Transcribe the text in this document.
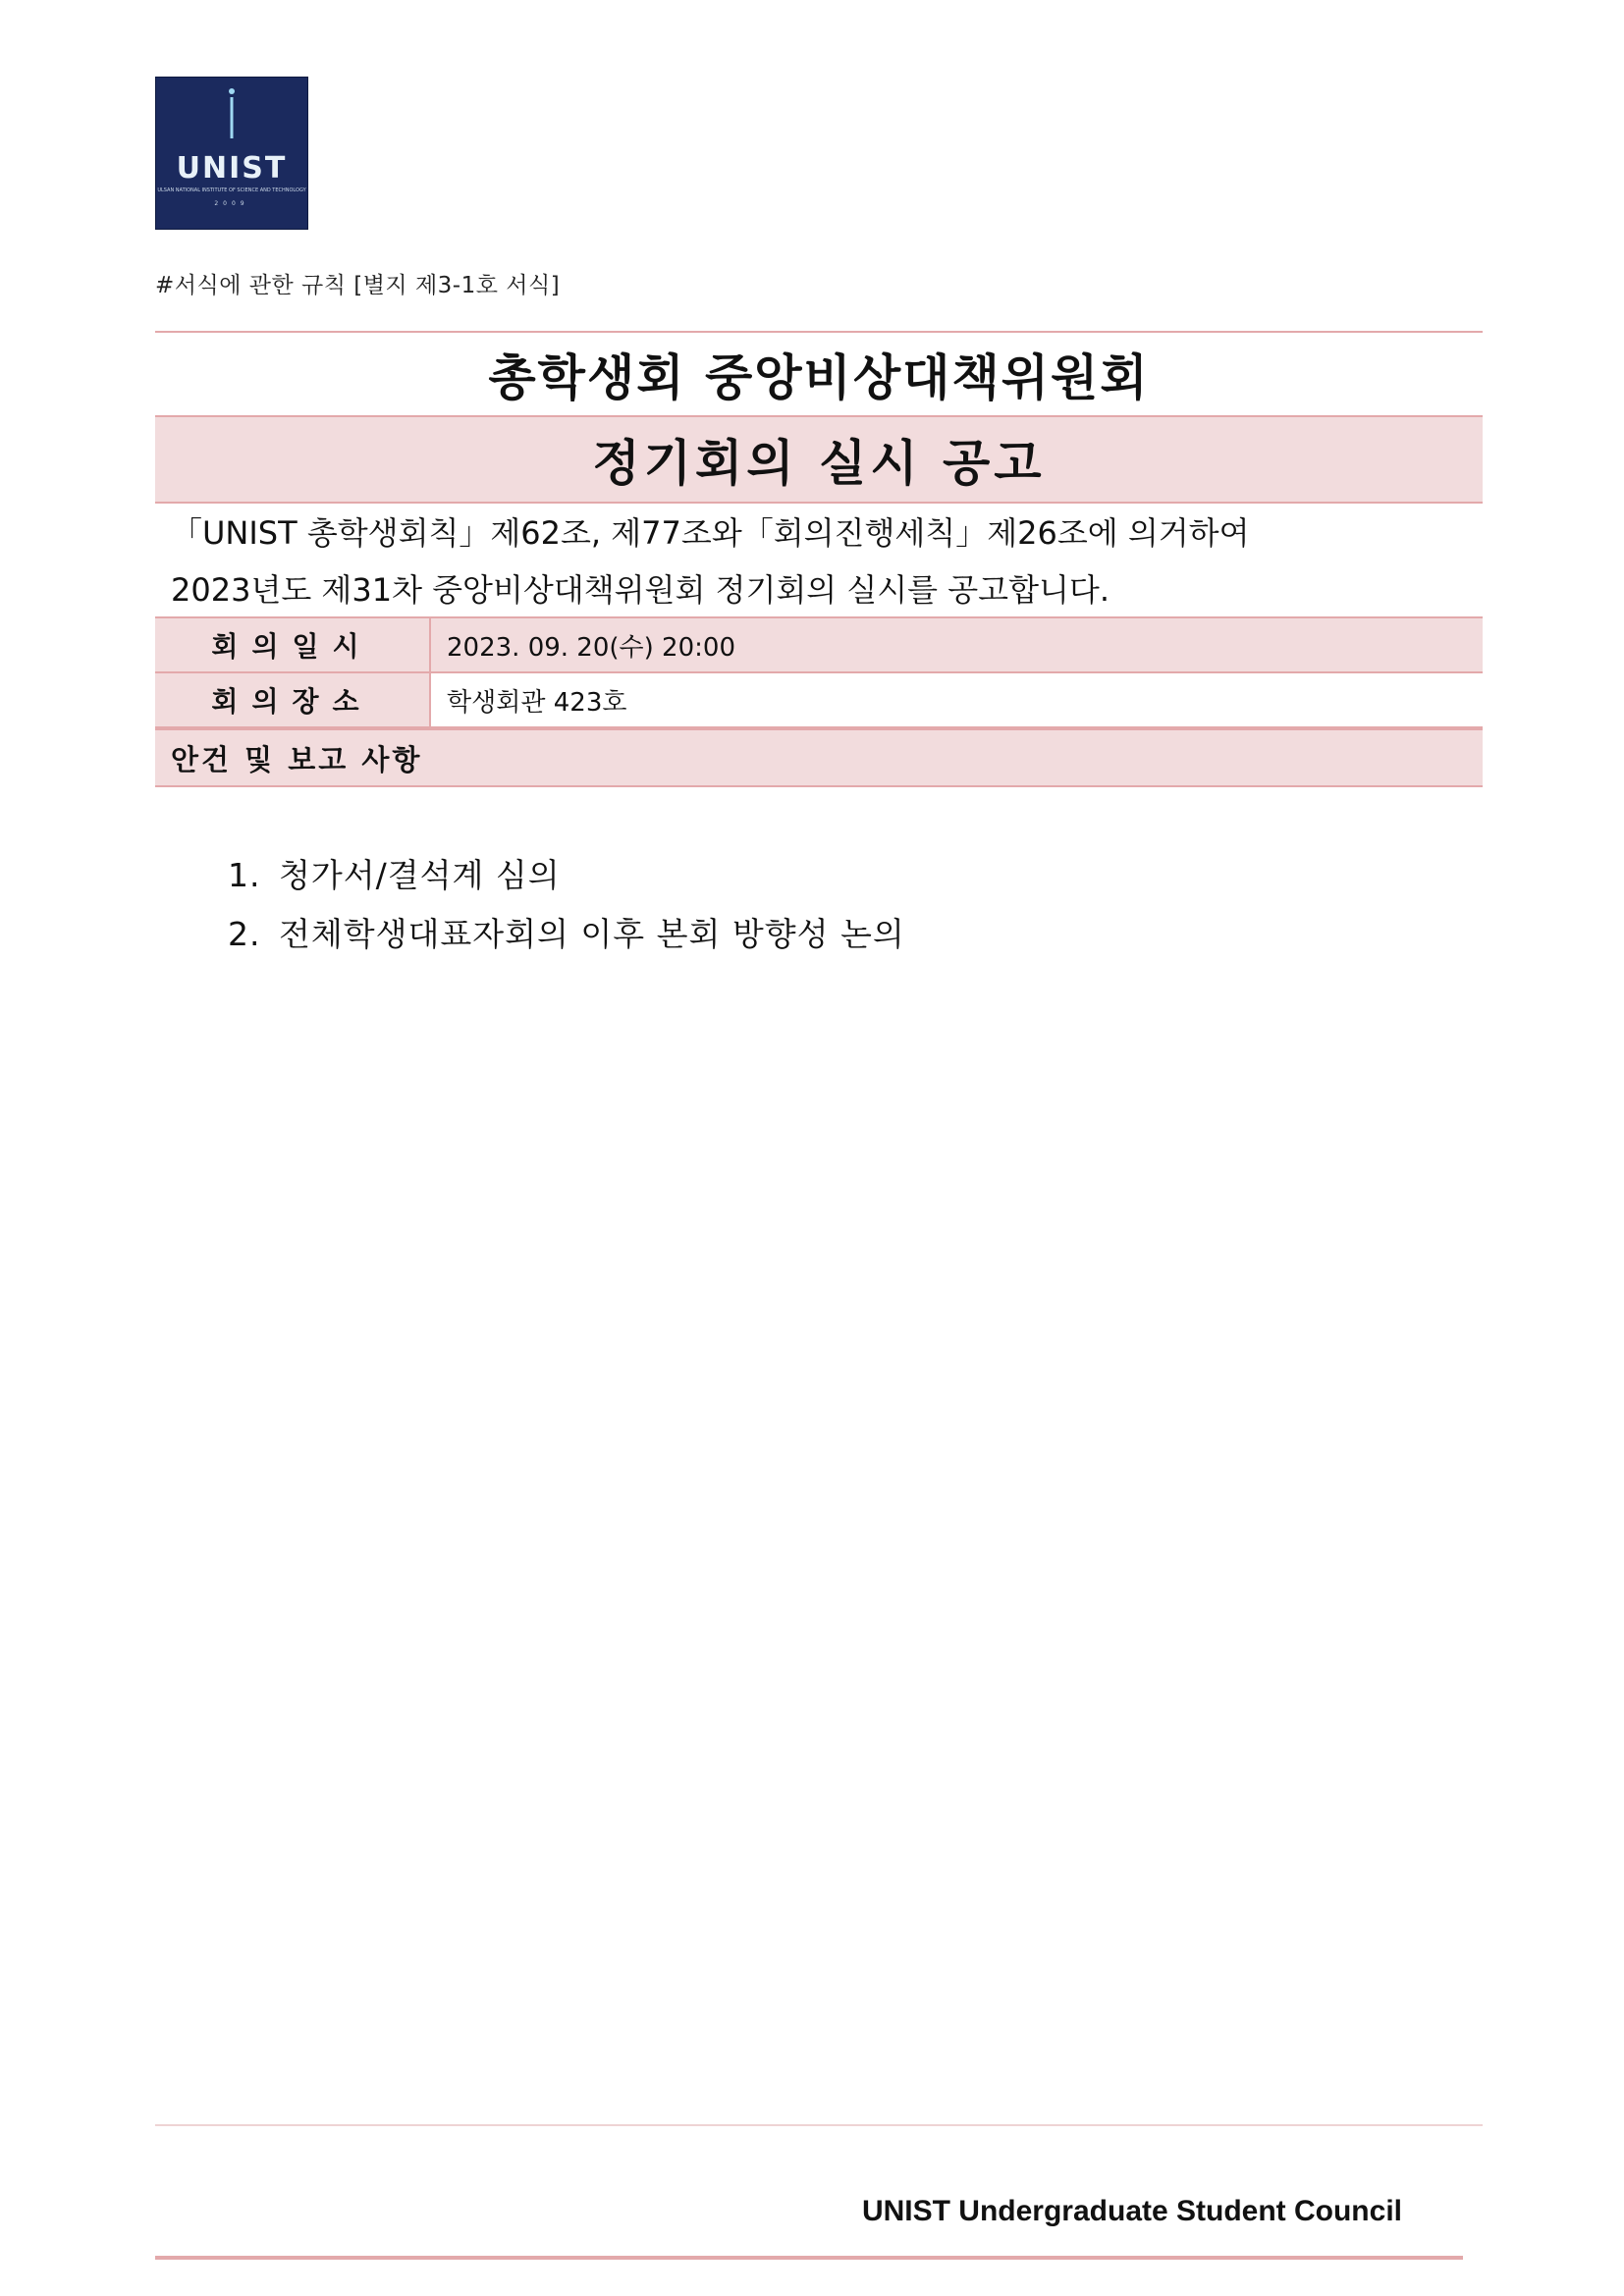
UNIST
ULSAN NATIONAL INSTITUTE OF SCIENCE AND TECHNOLOGY
2009
#서식에 관한 규칙 [별지 제3-1호 서식]
총학생회 중앙비상대책위원회
정기회의 실시 공고
「UNIST 총학생회칙」제62조, 제77조와「회의진행세칙」제26조에 의거하여
2023년도 제31차 중앙비상대책위원회 정기회의 실시를 공고합니다.
회의일시	2023. 09. 20(수) 20:00
회의장소	학생회관 423호
안건 및 보고 사항
1. 청가서/결석계 심의
2. 전체학생대표자회의 이후 본회 방향성 논의
UNIST Undergraduate Student Council
